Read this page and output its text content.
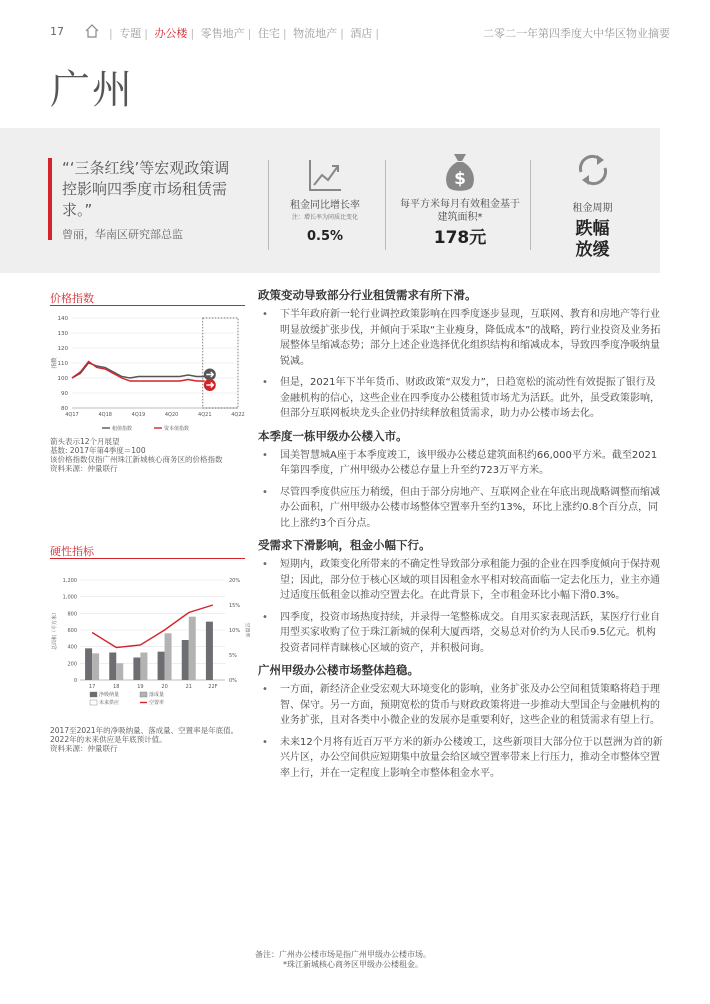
17	| 专题 | 办公楼 | 零售地产 | 住宅 | 物流地产 | 酒店 |	二零二一年第四季度大中华区物业摘要
广州
“‘三条红线’等宏观政策调控影响四季度市场租赁需求。”
曾丽，华南区研究部总监
租金同比增长率
注：增长率为同质比变化
0.5%
$
每平方米每月有效租金基于建筑面积*
178元
租金周期
跌幅放缓
价格指数
80
90
100
110
120
130
140
指数
4Q17	4Q18	4Q19	4Q20	4Q21	4Q22
租值指数	资本值指数
箭头表示12个月展望
基数: 2017年第4季度＝100
该价格指数仅指广州珠江新城核心商务区的价格指数
资料来源：仲量联行
硬性指标
0
200
400
600
800
1,000
1,200
0%
5%
10%
15%
20%
总面积（平方米）	空置率
17	18	19	20	21	22F
净吸纳量	落成量
未来供应	空置率
2017至2021年的净吸纳量、落成量、空置率是年底值。2022年的未来供应是年底预计值。
资料来源：仲量联行
政策变动导致部分行业租赁需求有所下滑。
• 下半年政府新一轮行业调控政策影响在四季度逐步显现，互联网、教育和房地产等行业明显放缓扩张步伐，并倾向于采取“主业瘦身，降低成本”的战略，跨行业投资及业务拓展整体呈缩减态势；部分上述企业选择优化组织结构和缩减成本，导致四季度净吸纳量锐减。
• 但是，2021年下半年货币、财政政策“双发力”，日趋宽松的流动性有效提振了银行及金融机构的信心，这些企业在四季度办公楼租赁市场尤为活跃。此外，虽受政策影响，但部分互联网板块龙头企业仍持续释放租赁需求，助力办公楼市场去化。
本季度一栋甲级办公楼入市。
• 国美智慧城A座于本季度竣工，该甲级办公楼总建筑面积约66,000平方米。截至2021年第四季度，广州甲级办公楼总存量上升至约723万平方米。
• 尽管四季度供应压力稍缓，但由于部分房地产、互联网企业在年底出现战略调整而缩减办公面积，广州甲级办公楼市场整体空置率升至约13%，环比上涨约0.8个百分点，同比上涨约3个百分点。
受需求下滑影响，租金小幅下行。
• 短期内，政策变化所带来的不确定性导致部分承租能力强的企业在四季度倾向于保持观望；因此，部分位于核心区域的项目因租金水平相对较高面临一定去化压力，业主亦通过适度压低租金以推动空置去化。在此背景下，全市租金环比小幅下滑0.3%。
• 四季度，投资市场热度持续，并录得一笔整栋成交。自用买家表现活跃，某医疗行业自用型买家收购了位于珠江新城的保利大厦西塔，交易总对价约为人民币9.5亿元。机构投资者同样青睐核心区域的资产，并积极问询。
广州甲级办公楼市场整体趋稳。
• 一方面，新经济企业受宏观大环境变化的影响，业务扩张及办公空间租赁策略将趋于理智、保守。另一方面，预期宽松的货币与财政政策将进一步推动大型国企与金融机构的业务扩张，且对各类中小微企业的发展亦是重要利好，这些企业的租赁需求有望上行。
• 未来12个月将有近百万平方米的新办公楼竣工，这些新项目大部分位于以琶洲为首的新兴片区，办公空间供应短期集中放量会给区域空置率带来上行压力，推动全市整体空置率上行，并在一定程度上影响全市整体租金水平。
备注：广州办公楼市场是指广州甲级办公楼市场。
*珠江新城核心商务区甲级办公楼租金。
